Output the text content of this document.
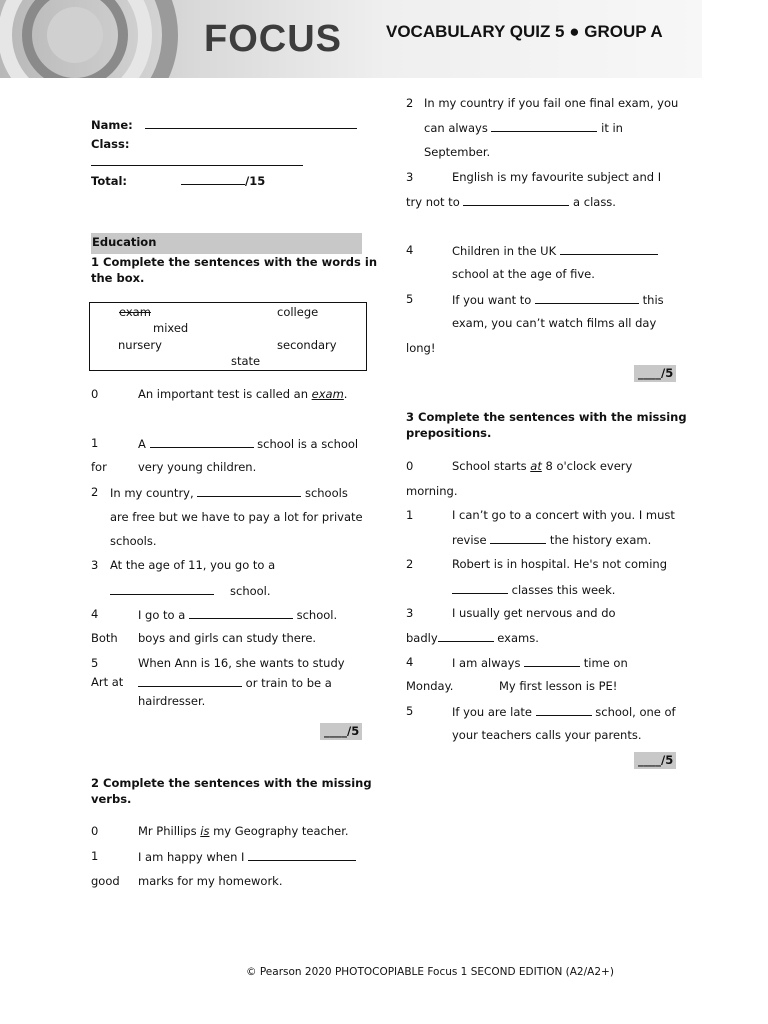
FOCUS	VOCABULARY QUIZ 5 ● GROUP A
Name:
Class:
Total:	/15
Education
1 Complete the sentences with the words in
the box.
exam	college
mixed
nursery	secondary
state
0	An important test is called an exam.
1	A	school is a school
for	very young children.
2 In my country,	schools
are free but we have to pay a lot for private
schools.
3 At the age of 11, you go to a
school.
4	I go to a	school.
Both boys and girls can study there.
5	When Ann is 16, she wants to study
Art at	or train to be a
hairdresser.
____/5
2 Complete the sentences with the missing
verbs.
0	Mr Phillips is my Geography teacher.
1	I am happy when I
good marks for my homework.
2 In my country if you fail one final exam, you
can always	it in
September.
3	English is my favourite subject and I
try not to	a class.
4	Children in the UK
school at the age of five.
5	If you want to	this
exam, you can’t watch films all day
long!
____/5
3 Complete the sentences with the missing
prepositions.
0	School starts at 8 o'clock every
morning.
1	I can’t go to a concert with you. I must
revise	the history exam.
2	Robert is in hospital. He's not coming
classes this week.
3	I usually get nervous and do
badly	exams.
4	I am always	time on
Monday.	My first lesson is PE!
5	If you are late	school, one of
your teachers calls your parents.
____/5
© Pearson 2020 PHOTOCOPIABLE Focus 1 SECOND EDITION (A2/A2+)
